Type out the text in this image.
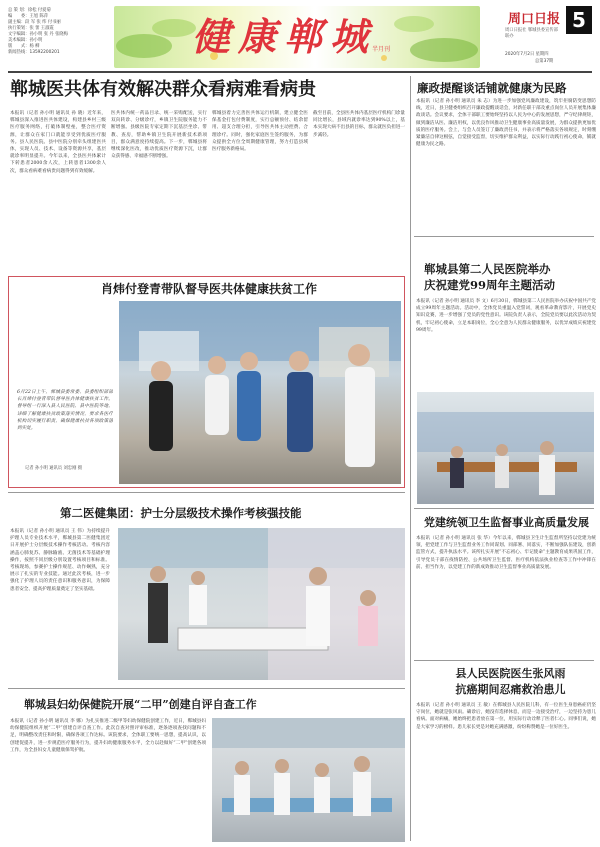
总 策 划：徐松 付爱菊
编　　委：王旭 陈萍
副主编：段 军 张 纬 付书丽
执行策划：张 蕾 王淑霞
文字编辑：孙小明 张 丹 张晓梅
美术编辑：孙小明
版　　式：杨 柳
新闻热线：13592200201	健康郸城
半月刊
周口日报 5
周口日报社 郸城县委宣传部 联办
2020年7月2日 星期四
总第37期
郸城医共体有效解决群众看病难看病贵
本报讯（记者 孙小明 通讯员 孙 晓）近年来，郸城县深入推进医共体建设，构建县乡村三级医疗服务网络，打破体制壁垒，整合医疗资源，让群众在家门口就能享受到优质医疗服务。县人民医院、县中医院分别牵头组建医共体，实现人员、技术、设备等资源共享，基层就诊率明显提升。今年以来，全县医共体累计下转患者2000余人次，上转患者1300余人次，群众看病难看病贵问题得到有效缓解。
医共体内统一药品目录、统一采购配送，实行双向转诊、分级诊疗，乡镇卫生院服务能力不断增强。县级医院专家定期下沉基层坐诊、带教、查房，帮助乡镇卫生院开展新技术新项目，群众满意度持续提高。下一步，郸城县将继续深化医改，推动优质医疗资源下沉，让群众获得感、幸福感不断增强。
郸城县着力完善医共体运行机制，建立健全医保基金打包付费制度，实行总额预付、结余留用、超支合理分担，引导医共体主动控费、合理诊疗。同时，强化家庭医生签约服务，为群众提供全方位全周期健康管理，努力打造县域医疗服务新格局。
截至目前，全县医共体内基层医疗机构门诊量同比增长，县域内就诊率达到90%以上，基本实现大病不出县的目标，群众就医负担进一步减轻。
廉政提醒谈话铺就健康为民路
本报讯（记者 孙小明 通讯员 朱 志）为进一步加强党风廉政建设，筑牢拒腐防变思想防线，近日，县卫健委组织召开廉政提醒谈话会，对新任职干部及重点岗位人员开展集体廉政谈话。会议要求，全体干部职工要始终坚持以人民为中心的发展思想，严守纪律规矩，做到廉洁从医、廉洁用权，以优良作风推动卫生健康事业高质量发展，为群众提供更加优质的医疗服务。会上，与会人员签订了廉政责任书，并表示将严格落实各项规定，时刻绷紧廉洁自律这根弦，自觉接受监督，切实维护群众利益，以实际行动践行初心使命，铺就健康为民之路。
肖炜付登青带队督导医共体健康扶贫工作
6月22日上午，郸城县委常委、县委组织部部长肖炜付登青带队督导医共体健康扶贫工作。督导组一行深入县人民医院、县中医院等地，详细了解健康扶贫政策落实情况，要求各医疗机构切实履行职责，确保健康扶贫各项政策落到实处。
记者 孙小明 通讯员 刘忠刚 摄
郸城县第二人民医院举办
庆祝建党99周年主题活动
本报讯（记者 孙小明 通讯员 李 文）6月30日，郸城县第二人民医院举办庆祝中国共产党成立99周年主题活动。活动中，全体党员重温入党誓词，观看革命教育影片，开展党史知识竞赛，进一步增强了党员的党性意识。该院负责人表示，全院党员要以此次活动为契机，牢记初心使命，立足本职岗位，全心全意为人民群众健康服务，以优异成绩庆祝建党99周年。
第二医健集团：护士分层级技术操作考核强技能
本报讯（记者 孙小明 通讯员 王 伟）为持续提升护理人员专业技术水平，郸城县第二医健集团近日开展护士分层级技术操作考核活动。考核内容涵盖心肺复苏、静脉输液、无菌技术等基础护理操作，按照不同层级分别设置考核项目和标准。考核现场，参赛护士操作规范、动作娴熟，充分展示了扎实的专业技能。通过此次考核，进一步强化了护理人员的责任意识和服务意识，为保障患者安全、提高护理质量奠定了坚实基础。
党建统领卫生监督事业高质量发展
本报讯（记者 孙小明 通讯员 张 华）今年以来，郸城县卫生计生监督所坚持以党建为统领，把党建工作与卫生监督业务工作同谋划、同部署、同落实，不断加强队伍建设，创新监管方式，提升执法水平。该所扎实开展“不忘初心、牢记使命”主题教育成果巩固工作，引导党员干部在疫情防控、公共场所卫生监督、医疗机构依法执业检查等工作中冲锋在前、担当作为，以党建工作的新成效推动卫生监督事业高质量发展。
县人民医院医生张风雨
抗癌期间忍痛救治患儿
本报讯（记者 孙小明 通讯员 王 敏）在郸城县人民医院儿科，有一位医生身患癌症仍坚守岗位，她就是张风雨。确诊后，她没有选择休息，而是一边接受治疗，一边坚持为患儿看病。面对病痛，她始终把患者放在第一位，用实际行动诠释了医者仁心。同事们说，她是大家学习的榜样。患儿家长更是对她充满感激，纷纷称赞她是一位好医生。
郸城县妇幼保健院开展“二甲”创建自评自查工作
本报讯（记者 孙小明 通讯员 李 娜）为扎实推进二级甲等妇幼保健院创建工作，近日，郸城县妇幼保健院组织开展“二甲”创建自评自查工作。此次自查对照评审标准，逐条逐项查找问题和不足，明确整改责任和时限，确保各项工作达标。该院要求，全体职工要统一思想，提高认识，以创建促提升，进一步规范医疗服务行为，提升妇幼健康服务水平，全力以赴做好“二甲”创建各项工作，为全县妇女儿童健康保驾护航。
